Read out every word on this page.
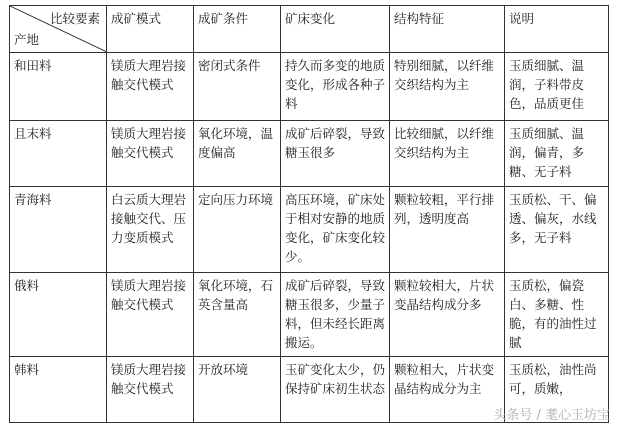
比较要素
产地	成矿模式	成矿条件	矿床变化	结构特征	说明
和田料	镁质大理岩接触交代模式	密闭式条件	持久而多变的地质变化，形成各种子料	特别细腻，以纤维交织结构为主	玉质细腻、温润，子料带皮色，品质更佳
且末料	镁质大理岩接触交代模式	氧化环境，温度偏高	成矿后碎裂，导致糖玉很多	比较细腻，以纤维交织结构为主	玉质细腻、温润，偏青，多糖、无子料
青海料	白云质大理岩接触交代、压力变质模式	定向压力环境	高压环境，矿床处于相对安静的地质变化，矿床变化较少。	颗粒较粗，平行排列，透明度高	玉质松、干、偏透、偏灰，水线多，无子料
俄料	镁质大理岩接触交代模式	氧化环境，石英含量高	成矿后碎裂，导致糖玉很多，少量子料，但未经长距离搬运。	颗粒较相大，片状变晶结构成分多	玉质松，偏瓷白、多糖、性脆，有的油性过腻
韩料	镁质大理岩接触交代模式	开放环境	玉矿变化太少，仍保持矿床初生状态	颗粒相大，片状变晶结构成分为主	玉质松，油性尚可，质嫩，
头条号 / 耄心玉坊宝
